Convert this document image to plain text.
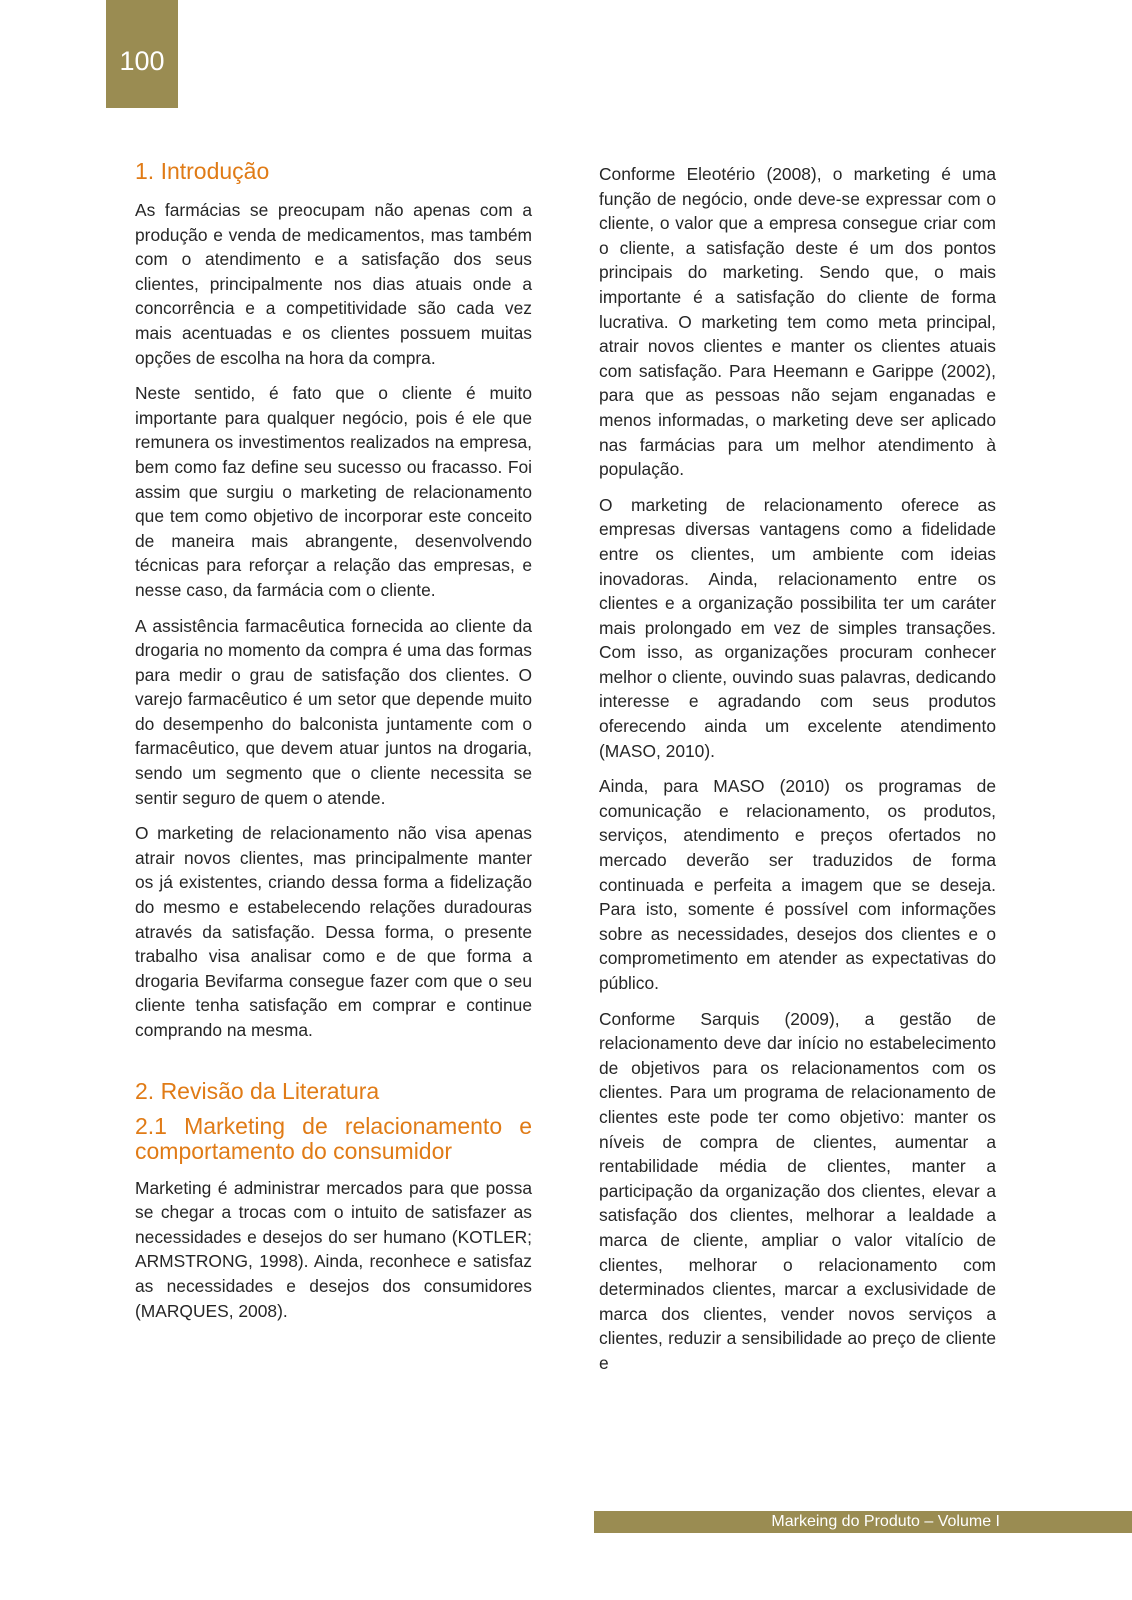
100
1. Introdução

As farmácias se preocupam não apenas com a produção e venda de medicamentos, mas também com o atendimento e a satisfação dos seus clientes, principalmente nos dias atuais onde a concorrência e a competitividade são cada vez mais acentuadas e os clientes possuem muitas opções de escolha na hora da compra.

Neste sentido, é fato que o cliente é muito importante para qualquer negócio, pois é ele que remunera os investimentos realizados na empresa, bem como faz define seu sucesso ou fracasso. Foi assim que surgiu o marketing de relacionamento que tem como objetivo de incorporar este conceito de maneira mais abrangente, desenvolvendo técnicas para reforçar a relação das empresas, e nesse caso, da farmácia com o cliente.

A assistência farmacêutica fornecida ao cliente da drogaria no momento da compra é uma das formas para medir o grau de satisfação dos clientes. O varejo farmacêutico é um setor que depende muito do desempenho do balconista juntamente com o farmacêutico, que devem atuar juntos na drogaria, sendo um segmento que o cliente necessita se sentir seguro de quem o atende.

O marketing de relacionamento não visa apenas atrair novos clientes, mas principalmente manter os já existentes, criando dessa forma a fidelização do mesmo e estabelecendo relações duradouras através da satisfação. Dessa forma, o presente trabalho visa analisar como e de que forma a drogaria Bevifarma consegue fazer com que o seu cliente tenha satisfação em comprar e continue comprando na mesma.

2. Revisão da Literatura
2.1 Marketing de relacionamento e comportamento do consumidor

Marketing é administrar mercados para que possa se chegar a trocas com o intuito de satisfazer as necessidades e desejos do ser humano (KOTLER; ARMSTRONG, 1998). Ainda, reconhece e satisfaz as necessidades e desejos dos consumidores (MARQUES, 2008).

Conforme Eleotério (2008), o marketing é uma função de negócio, onde deve-se expressar com o cliente, o valor que a empresa consegue criar com o cliente, a satisfação deste é um dos pontos principais do marketing. Sendo que, o mais importante é a satisfação do cliente de forma lucrativa. O marketing tem como meta principal, atrair novos clientes e manter os clientes atuais com satisfação. Para Heemann e Garippe (2002), para que as pessoas não sejam enganadas e menos informadas, o marketing deve ser aplicado nas farmácias para um melhor atendimento à população.

O marketing de relacionamento oferece as empresas diversas vantagens como a fidelidade entre os clientes, um ambiente com ideias inovadoras. Ainda, relacionamento entre os clientes e a organização possibilita ter um caráter mais prolongado em vez de simples transações. Com isso, as organizações procuram conhecer melhor o cliente, ouvindo suas palavras, dedicando interesse e agradando com seus produtos oferecendo ainda um excelente atendimento (MASO, 2010).

Ainda, para MASO (2010) os programas de comunicação e relacionamento, os produtos, serviços, atendimento e preços ofertados no mercado deverão ser traduzidos de forma continuada e perfeita a imagem que se deseja. Para isto, somente é possível com informações sobre as necessidades, desejos dos clientes e o comprometimento em atender as expectativas do público.

Conforme Sarquis (2009), a gestão de relacionamento deve dar início no estabelecimento de objetivos para os relacionamentos com os clientes. Para um programa de relacionamento de clientes este pode ter como objetivo: manter os níveis de compra de clientes, aumentar a rentabilidade média de clientes, manter a participação da organização dos clientes, elevar a satisfação dos clientes, melhorar a lealdade a marca de cliente, ampliar o valor vitalício de clientes, melhorar o relacionamento com determinados clientes, marcar a exclusividade de marca dos clientes, vender novos serviços a clientes, reduzir a sensibilidade ao preço de cliente e

Markeing do Produto – Volume I
